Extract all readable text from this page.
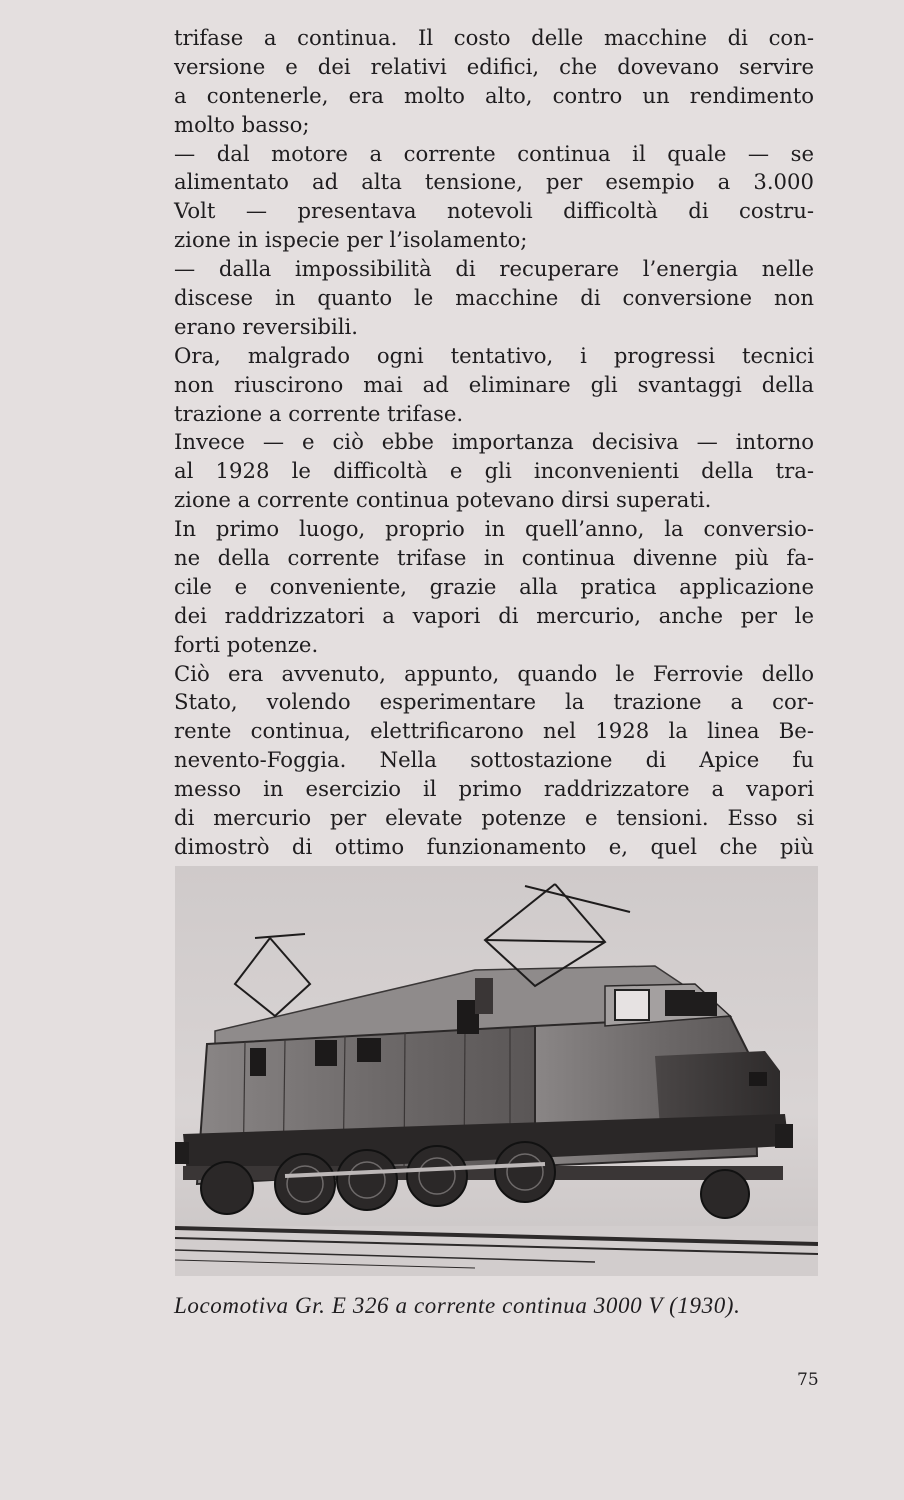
trifase a continua. Il costo delle macchine di con-
versione e dei relativi edifici, che dovevano servire
a contenerle, era molto alto, contro un rendimento
molto basso;
— dal motore a corrente continua il quale — se
alimentato ad alta tensione, per esempio a 3.000
Volt — presentava notevoli difficoltà di costru-
zione in ispecie per l’isolamento;
— dalla impossibilità di recuperare l’energia nelle
discese in quanto le macchine di conversione non
erano reversibili.
Ora, malgrado ogni tentativo, i progressi tecnici
non riuscirono mai ad eliminare gli svantaggi della
trazione a corrente trifase.
Invece — e ciò ebbe importanza decisiva — intorno
al 1928 le difficoltà e gli inconvenienti della tra-
zione a corrente continua potevano dirsi superati.
In primo luogo, proprio in quell’anno, la conversio-
ne della corrente trifase in continua divenne più fa-
cile e conveniente, grazie alla pratica applicazione
dei raddrizzatori a vapori di mercurio, anche per le
forti potenze.
Ciò era avvenuto, appunto, quando le Ferrovie dello
Stato, volendo esperimentare la trazione a cor-
rente continua, elettrificarono nel 1928 la linea Be-
nevento-Foggia. Nella sottostazione di Apice fu
messo in esercizio il primo raddrizzatore a vapori
di mercurio per elevate potenze e tensioni. Esso si
dimostrò di ottimo funzionamento e, quel che più
Locomotiva Gr. E 326 a corrente continua 3000 V (1930).
75
